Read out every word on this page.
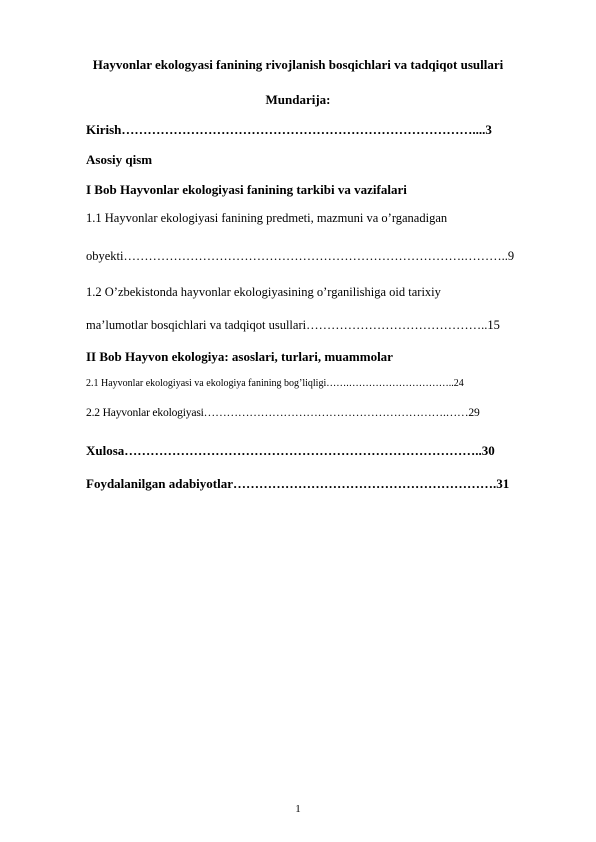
Hayvonlar ekologyasi fanining rivojlanish bosqichlari va tadqiqot usullari
Mundarija:
Kirish………………………………………………………………………....3
Asosiy qism
I Bob Hayvonlar ekologiyasi fanining tarkibi va vazifalari
1.1 Hayvonlar ekologiyasi fanining predmeti, mazmuni va o’rganadigan
obyekti……………………………………………………………………….………..9
1.2 O’zbekistonda hayvonlar ekologiyasining o’rganilishiga oid tarixiy
ma’lumotlar bosqichlari va tadqiqot usullari……………………………………..15
II Bob Hayvon ekologiya: asoslari, turlari, muammolar
2.1 Hayvonlar ekologiyasi va ekologiya fanining bog’liqligi…….…………………………..24
2.2 Hayvonlar ekologiyasi……………………………………………………….……29
Xulosa………………………………………………………………………..30
Foydalanilgan adabiyotlar…………………………………………………….31
1
